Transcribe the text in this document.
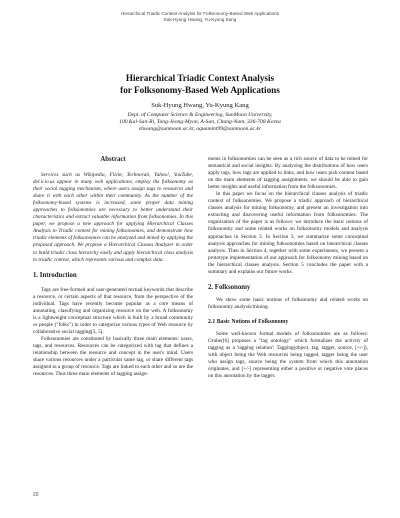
Hierarchical Triadic Context Analysis for Folksonomy-Based Web Applications
Suk-Hyung Hwang, Yu-Kyung Kang
Hierarchical Triadic Context Analysis
for Folksonomy-Based Web Applications
Suk-Hyung Hwang, Yu-Kyung Kang
Dept. of Computer Science & Engineering, SunMoon University,
100 Kal-San-Ri, Tang-Jeong-Myon, A-San, Chung-Nam, 336-708 Korea
shwang@sunmoon.ac.kr, aquamint99@sunmoon.ac.kr
Abstract

Services such as Wikipedia, Flickr, Technorati, Yahoo!, YouTube, del.icio.us appear in many web applications, employ the folksonomy as their social tagging mechanism, where users assign tags to resources and share it with each other within their community. As the number of the folksonomy-based systems is increased, some proper data mining approaches to folksonomies are necessary to better understand their characteristics and extract valuable information from folksonomies. In this paper, we propose a new approach for applying Hierarchical Classes Analysis to Triadic context for mining folksonomies, and demonstrate how triadic elements of folksonomies can be analyzed and mined by applying the proposed approach. We propose a Hierarchical Classes Analyzer in order to build triadic class hierarchy easily and apply hierarchical class analysis to triadic context, which represents various and complex data.

1. Introduction

Tags are free-formed and user-generated textual keywords that describe a resource, or certain aspects of that resource, from the perspective of the individual. Tags have recently become popular as a core means of annotating, classifying and organizing resource on the web. A folksonomy is a lightweight conceptual structure which is built by a broad community or people ("folks") in order to categorize various types of Web resource by collaborative social tagging[3, 5].

Folksonomies are constituted by basically three main elements: users, tags, and resources. Resources can be categorized with tag that defines a relationship between the resource and concept in the user's mind. Users share various resources under a particular same tag, or share different tags assigned to a group of resource. Tags are linked to each other and so are the resources. Thus three main elements of tagging assign-

ments in folksonomies can be seen as a rich source of data to be mined for semantical and social insights. By analyzing the distributions of how users apply tags, how tags are applied to links, and how users pick content based on the main elements of tagging assignments, we should be able to gain better insights and useful information from the folksonomies.

In this paper we focus on the hierarchical classes analysis of triadic context of folksonomies. We propose a triadic approach of hierarchical classes analysis for mining folksonomy, and present an investigation into extracting and discovering useful information from folksonomies. The organization of the paper is as follows: we introduce the basic notions of folksonomy and some related works on folksonomy models and analysis approaches in Section 2. In Section 3, we summarize some conceptual analysis approaches for mining folksonomies based on hierarchical classes analysis. Then in Section 4, together with some experiments, we present a prototype implementation of our approach for folksonomy mining based on the hierarchical classes analysis. Section 5 concludes the paper with a summary and explains our future works.

2. Folksonomy

We show some basic notions of folksonomy and related works on folksonomy analysis/mining.

2.1 Basic Notions of Folksonomy

Some well-known formal models of folksonomies are as follows: Gruber[6] proposes a "tag ontology" which formalizes the activity of tagging as a 'tagging relation': Tagging(object, tag, tagger, source, [+/-]), with object being the Web resources being tagged, tagger being the user who assign tags, source being the system from which this annotation originates, and [+/-] representing either a positive or negative vote places on this annotation by the tagger.

20
